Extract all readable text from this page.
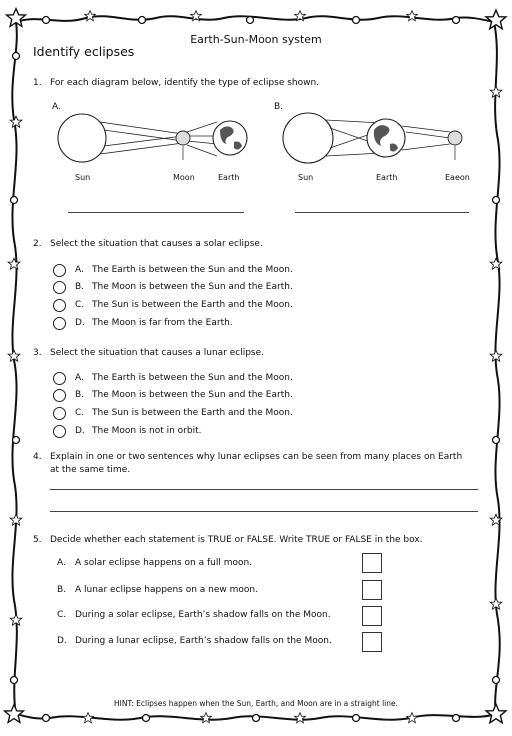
Earth-Sun-Moon system
Identify eclipses
1. For each diagram below, identify the type of eclipse shown.
A.	B.
Sun	Moon	Earth	Sun	Earth	Eaeon
2. Select the situation that causes a solar eclipse.
A. The Earth is between the Sun and the Moon.
B. The Moon is between the Sun and the Earth.
C. The Sun is between the Earth and the Moon.
D. The Moon is far from the Earth.
3. Select the situation that causes a lunar eclipse.
A. The Earth is between the Sun and the Moon.
B. The Moon is between the Sun and the Earth.
C. The Sun is between the Earth and the Moon.
D. The Moon is not in orbit.
4. Explain in one or two sentences why lunar eclipses can be seen from many places on Earth
at the same time.
5. Decide whether each statement is TRUE or FALSE. Write TRUE or FALSE in the box.
A. A solar eclipse happens on a full moon.
B. A lunar eclipse happens on a new moon.
C. During a solar eclipse, Earth’s shadow falls on the Moon.
D. During a lunar eclipse, Earth’s shadow falls on the Moon.
HINT: Eclipses happen when the Sun, Earth, and Moon are in a straight line.
